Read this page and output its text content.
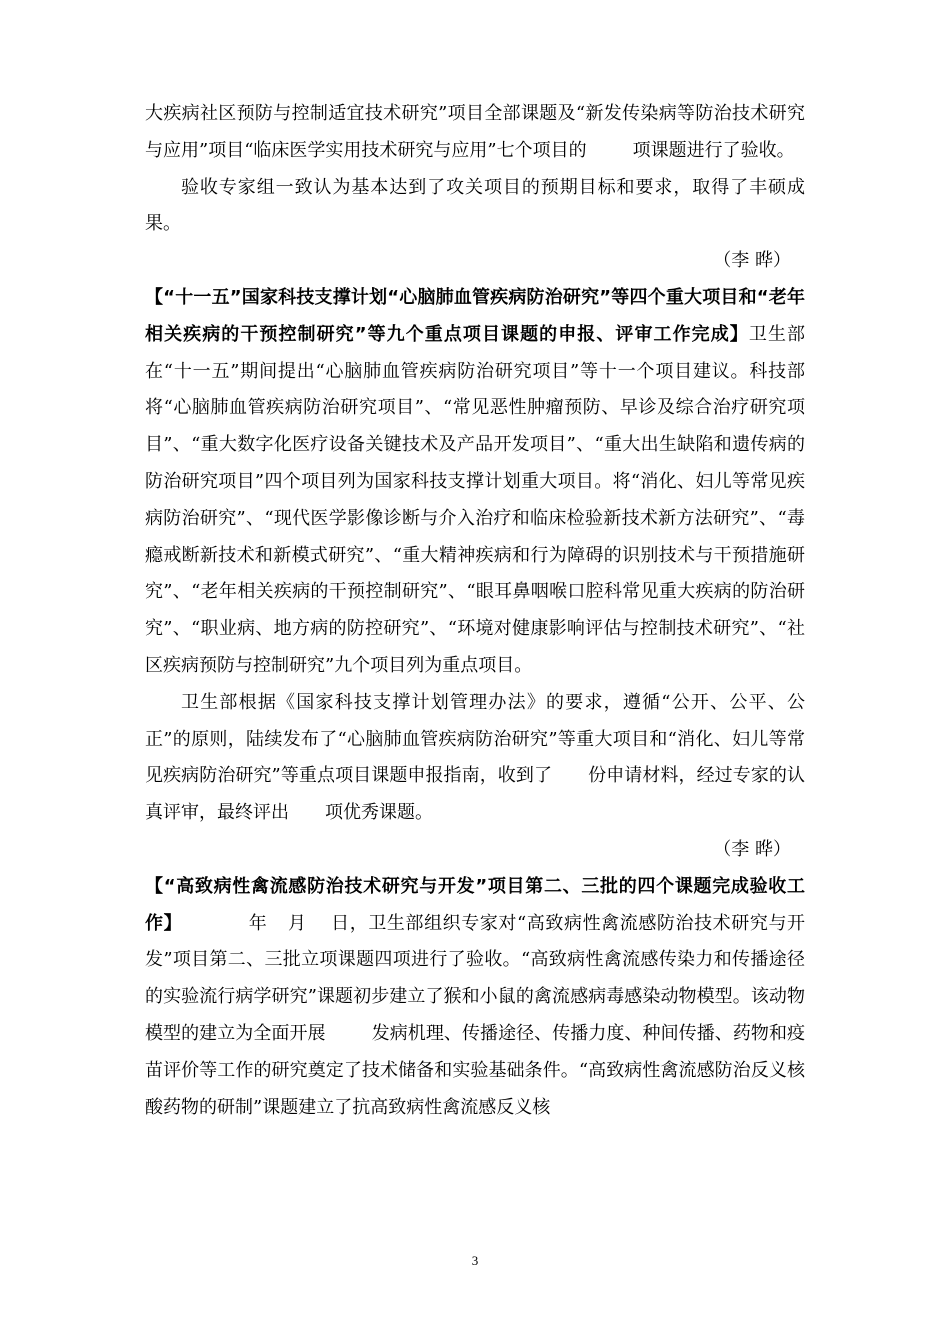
大疾病社区预防与控制适宜技术研究”项目全部课题及“新发传染病等防治技术研究与应用”项目“临床医学实用技术研究与应用”七个项目的	项课题进行了验收。

验收专家组一致认为基本达到了攻关项目的预期目标和要求，取得了丰硕成果。

（李 晔）

【“十一五”国家科技支撑计划“心脑肺血管疾病防治研究”等四个重大项目和“老年相关疾病的干预控制研究”等九个重点项目课题的申报、评审工作完成】卫生部在“十一五”期间提出“心脑肺血管疾病防治研究项目”等十一个项目建议。科技部将“心脑肺血管疾病防治研究项目”、“常见恶性肿瘤预防、早诊及综合治疗研究项目”、“重大数字化医疗设备关键技术及产品开发项目”、“重大出生缺陷和遗传病的防治研究项目”四个项目列为国家科技支撑计划重大项目。将“消化、妇儿等常见疾病防治研究”、“现代医学影像诊断与介入治疗和临床检验新技术新方法研究”、“毒瘾戒断新技术和新模式研究”、“重大精神疾病和行为障碍的识别技术与干预措施研究”、“老年相关疾病的干预控制研究”、“眼耳鼻咽喉口腔科常见重大疾病的防治研究”、“职业病、地方病的防控研究”、“环境对健康影响评估与控制技术研究”、“社区疾病预防与控制研究”九个项目列为重点项目。

卫生部根据《国家科技支撑计划管理办法》的要求，遵循“公开、公平、公正”的原则，陆续发布了“心脑肺血管疾病防治研究”等重大项目和“消化、妇儿等常见疾病防治研究”等重点项目课题申报指南，收到了 份申请材料，经过专家的认真评审，最终评出 项优秀课题。

（李 晔）

【“高致病性禽流感防治技术研究与开发”项目第二、三批的四个课题完成验收工作】	年 月 日，卫生部组织专家对“高致病性禽流感防治技术研究与开发”项目第二、三批立项课题四项进行了验收。“高致病性禽流感传染力和传播途径的实验流行病学研究”课题初步建立了猴和小鼠的禽流感病毒感染动物模型。该动物模型的建立为全面开展	发病机理、传播途径、传播力度、种间传播、药物和疫苗评价等工作的研究奠定了技术储备和实验基础条件。“高致病性禽流感防治反义核酸药物的研制”课题建立了抗高致病性禽流感反义核

3
